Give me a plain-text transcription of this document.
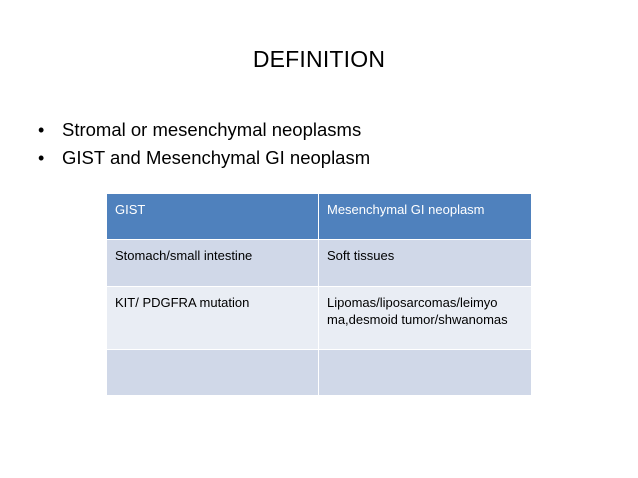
DEFINITION
• Stromal or mesenchymal neoplasms
• GIST and Mesenchymal GI neoplasm
GIST	Mesenchymal GI neoplasm
Stomach/small intestine	Soft tissues
KIT/ PDGFRA mutation	Lipomas/liposarcomas/leimyo ma,desmoid tumor/shwanomas
